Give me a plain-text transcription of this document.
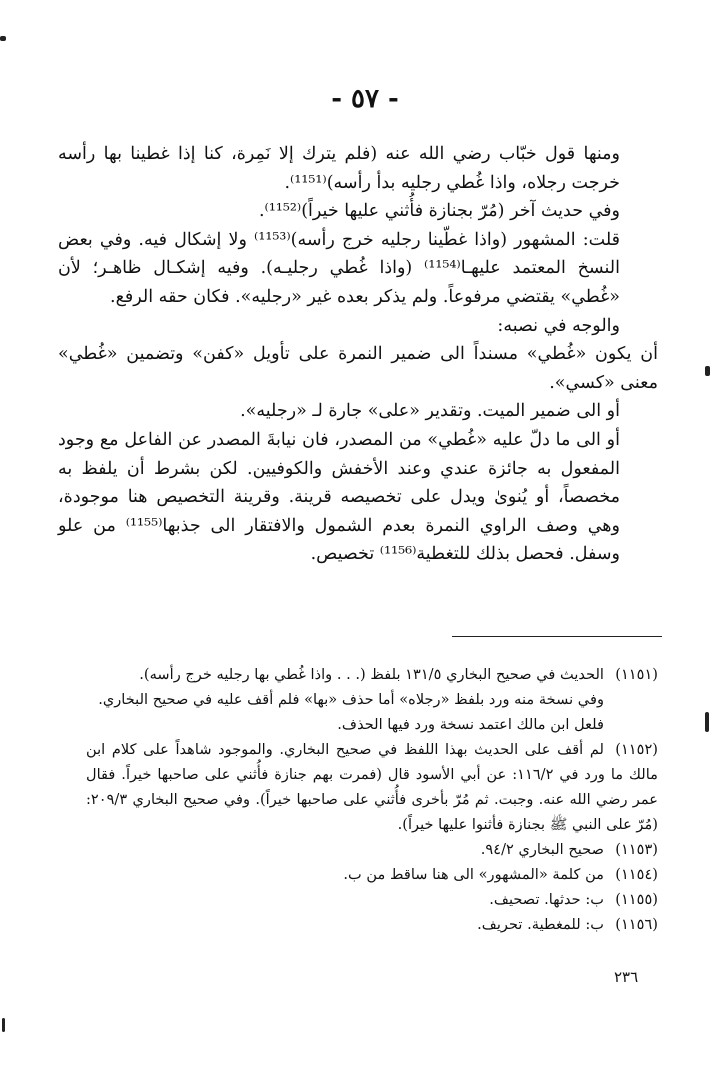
- ٥٧ -

ومنها قول خبّاب رضي الله عنه (فلم يترك إلا نَمِرة، كنا إذا غطينا بها رأسه خرجت رجلاه، واذا غُطي رجليه بدأ رأسه)⁽¹¹⁵¹⁾.

وفي حديث آخر (مُرّ بجنازة فأُثني عليها خيراً)⁽¹¹⁵²⁾.

قلت: المشهور (واذا غطّينا رجليه خرج رأسه)⁽¹¹⁵³⁾ ولا إشكال فيه. وفي بعض النسخ المعتمد عليهـا⁽¹¹⁵⁴⁾ (واذا غُطي رجليـه). وفيه إشكـال ظاهـر؛ لأن «غُطي» يقتضي مرفوعاً. ولم يذكر بعده غير «رجليه». فكان حقه الرفع.

والوجه في نصبه:

أن يكون «غُطي» مسنداً الى ضمير النمرة على تأويل «كفن» وتضمين «غُطي» معنى «كسي».

أو الى ضمير الميت. وتقدير «على» جارة لـ «رجليه».

أو الى ما دلّ عليه «غُطي» من المصدر، فان نيابةَ المصدر عن الفاعل مع وجود المفعول به جائزة عندي وعند الأخفش والكوفيين. لكن بشرط أن يلفظ به مخصصاً، أو يُنوىٰ ويدل على تخصيصه قرينة. وقرينة التخصيص هنا موجودة، وهي وصف الراوي النمرة بعدم الشمول والافتقار الى جذبها⁽¹¹⁵⁵⁾ من علو وسفل. فحصل بذلك للتغطية⁽¹¹⁵⁶⁾ تخصيص.

(١١٥١)الحديث في صحيح البخاري ١٣١/٥ بلفظ (. . . واذا غُطي بها رجليه خرج رأسه).
وفي نسخة منه ورد بلفظ «رجلاه» أما حذف «بها» فلم أقف عليه في صحيح البخاري.
فلعل ابن مالك اعتمد نسخة ورد فيها الحذف.
(١١٥٢)لم أقف على الحديث بهذا اللفظ في صحيح البخاري. والموجود شاهداً على كلام ابن مالك ما ورد في ١١٦/٢: عن أبي الأسود قال (فمرت بهم جنازة فأُثني على صاحبها خيراً. فقال عمر رضي الله عنه. وجبت. ثم مُرّ بأخرى فأُثني على صاحبها خيراً). وفي صحيح البخاري ٢٠٩/٣: (مُرّ على النبي ﷺ بجنازة فأثنوا عليها خيراً).
(١١٥٣)صحيح البخاري ٩٤/٢.
(١١٥٤)من كلمة «المشهور» الى هنا ساقط من ب.
(١١٥٥)ب: حدثها. تصحيف.
(١١٥٦)ب: للمغطية. تحريف.
٢٣٦
